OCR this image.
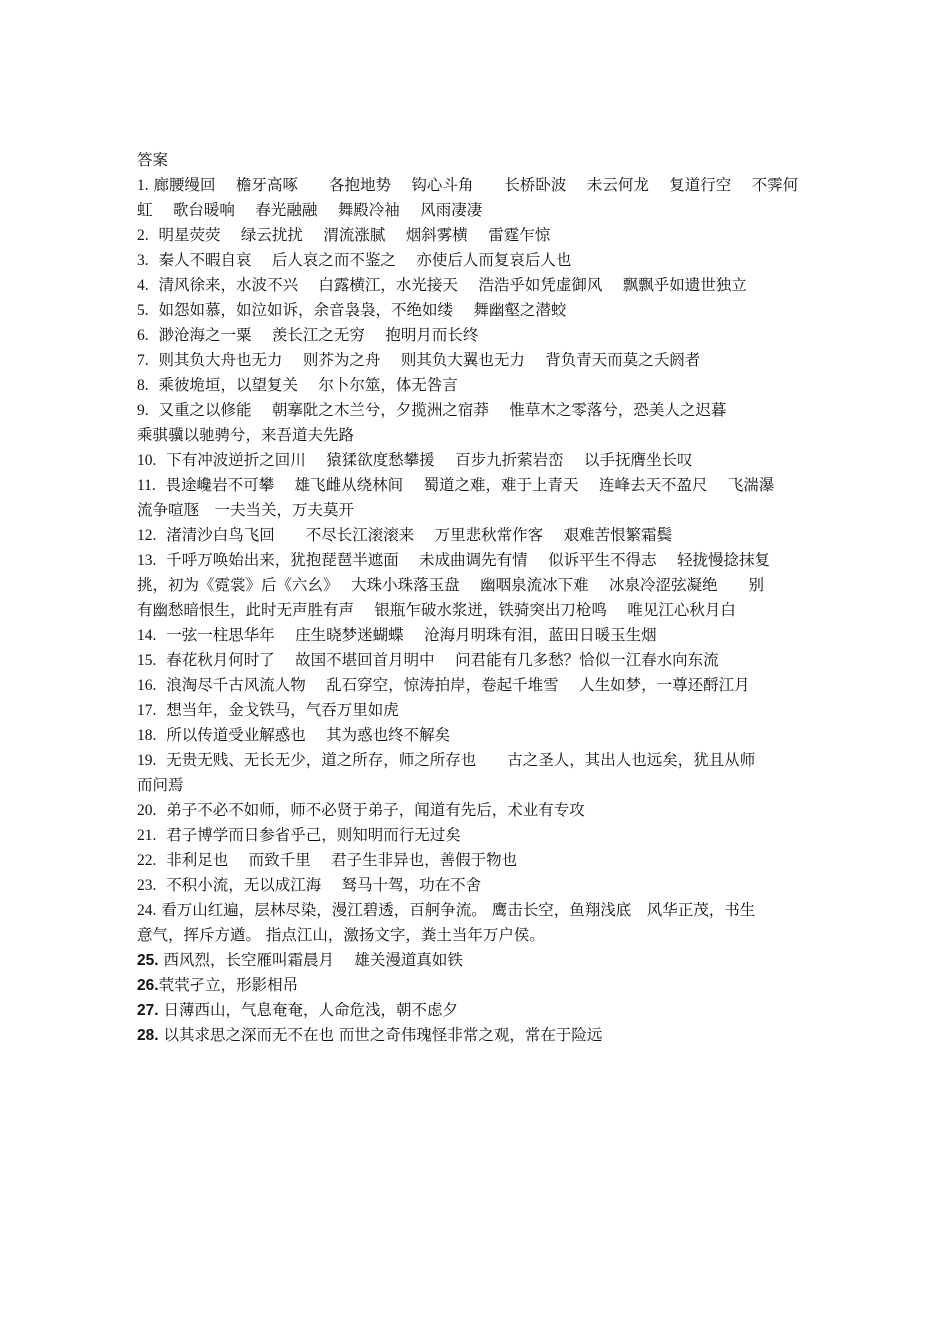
答案
1. 廊腰缦回　 檐牙高啄　　各抱地势　 钩心斗角　　长桥卧波　 未云何龙　 复道行空　 不霁何
虹　 歌台暖响　 春光融融　 舞殿冷袖　 风雨凄凄
2.  明星荧荧　 绿云扰扰　 渭流涨腻　 烟斜雾横　 雷霆乍惊
3.  秦人不暇自哀　 后人哀之而不鉴之　 亦使后人而复哀后人也
4.  清风徐来，水波不兴　 白露横江，水光接天　 浩浩乎如凭虚御风　 飘飘乎如遗世独立
5.  如怨如慕，如泣如诉，余音袅袅，不绝如缕　 舞幽壑之潜蛟
6.  渺沧海之一粟　 羡长江之无穷　 抱明月而长终
7.  则其负大舟也无力　 则芥为之舟　 则其负大翼也无力　 背负青天而莫之夭阏者
8.  乘彼垝垣，以望复关　 尔卜尔筮，体无咎言
9.  又重之以修能　 朝搴阰之木兰兮，夕揽洲之宿莽　 惟草木之零落兮，恐美人之迟暮
乘骐骥以驰骋兮，来吾道夫先路
10.  下有冲波逆折之回川　 猿猱欲度愁攀援　 百步九折萦岩峦　 以手抚膺坐长叹
11.  畏途巉岩不可攀　 雄飞雌从绕林间　 蜀道之难，难于上青天　 连峰去天不盈尺　 飞湍瀑
流争喧豗　一夫当关，万夫莫开
12.  渚清沙白鸟飞回　　不尽长江滚滚来　 万里悲秋常作客　 艰难苦恨繁霜鬓
13.  千呼万唤始出来，犹抱琵琶半遮面　 未成曲调先有情　 似诉平生不得志　 轻拢慢捻抹复
挑，初为《霓裳》后《六幺》　 大珠小珠落玉盘　 幽咽泉流冰下难　 冰泉冷涩弦凝绝　　别
有幽愁暗恨生，此时无声胜有声　 银瓶乍破水浆迸，铁骑突出刀枪鸣　 唯见江心秋月白
14.  一弦一柱思华年　 庄生晓梦迷蝴蝶　 沧海月明珠有泪，蓝田日暖玉生烟
15.  春花秋月何时了　 故国不堪回首月明中　 问君能有几多愁？恰似一江春水向东流
16.  浪淘尽千古风流人物　 乱石穿空，惊涛拍岸，卷起千堆雪　 人生如梦，一尊还酹江月
17.  想当年，金戈铁马，气吞万里如虎
18.  所以传道受业解惑也　 其为惑也终不解矣
19.  无贵无贱、无长无少，道之所存，师之所存也　　古之圣人，其出人也远矣，犹且从师
而问焉
20.  弟子不必不如师，师不必贤于弟子，闻道有先后，术业有专攻
21.  君子博学而日参省乎己，则知明而行无过矣
22.  非利足也　 而致千里　 君子生非异也，善假于物也
23.  不积小流，无以成江海　 驽马十驾，功在不舍
24. 看万山红遍，层林尽染，漫江碧透，百舸争流。 鹰击长空，鱼翔浅底　风华正茂，书生
意气，挥斥方遒。 指点江山，激扬文字，粪土当年万户侯。
25. 西风烈，长空雁叫霜晨月　 雄关漫道真如铁
26.茕茕孑立，形影相吊
27. 日薄西山，气息奄奄，人命危浅，朝不虑夕
28. 以其求思之深而无不在也 而世之奇伟瑰怪非常之观，常在于险远
